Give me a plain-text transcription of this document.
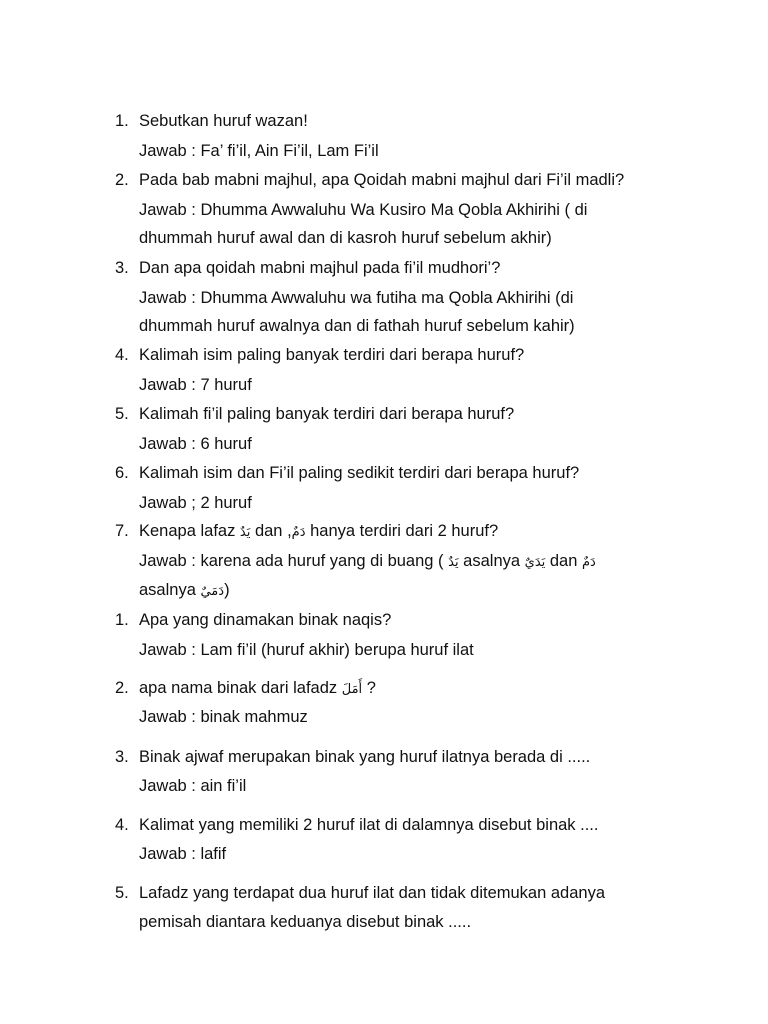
1. Sebutkan huruf wazan!
Jawab : Fa’ fi’il, Ain Fi’il, Lam Fi’il
2. Pada bab mabni majhul, apa Qoidah mabni majhul dari Fi’il madli?
Jawab : Dhumma Awwaluhu Wa Kusiro Ma Qobla Akhirihi ( di
dhummah huruf awal dan di kasroh huruf sebelum akhir)
3. Dan apa qoidah mabni majhul pada fi’il mudhori’?
Jawab : Dhumma Awwaluhu wa futiha ma Qobla Akhirihi (di
dhummah huruf awalnya dan di fathah huruf sebelum kahir)
4. Kalimah isim paling banyak terdiri dari berapa huruf?
Jawab : 7 huruf
5. Kalimah fi’il paling banyak terdiri dari berapa huruf?
Jawab : 6 huruf
6. Kalimah isim dan Fi’il paling sedikit terdiri dari berapa huruf?
Jawab ; 2 huruf
7. Kenapa lafaz يَدٌ dan ,دَمٌ hanya terdiri dari 2 huruf?
Jawab : karena ada huruf yang di buang ( يَدٌ asalnya يَدَيٌ dan دَمٌ
asalnya دَمَيٌ)
1. Apa yang dinamakan binak naqis?
Jawab : Lam fi’il (huruf akhir) berupa huruf ilat
2. apa nama binak dari lafadz أَمَلَ ?
Jawab : binak mahmuz
3. Binak ajwaf merupakan binak yang huruf ilatnya berada di .....
Jawab : ain fi’il
4. Kalimat yang memiliki 2 huruf ilat di dalamnya disebut binak ....
Jawab : lafif
5. Lafadz yang terdapat dua huruf ilat dan tidak ditemukan adanya
pemisah diantara keduanya disebut binak .....
